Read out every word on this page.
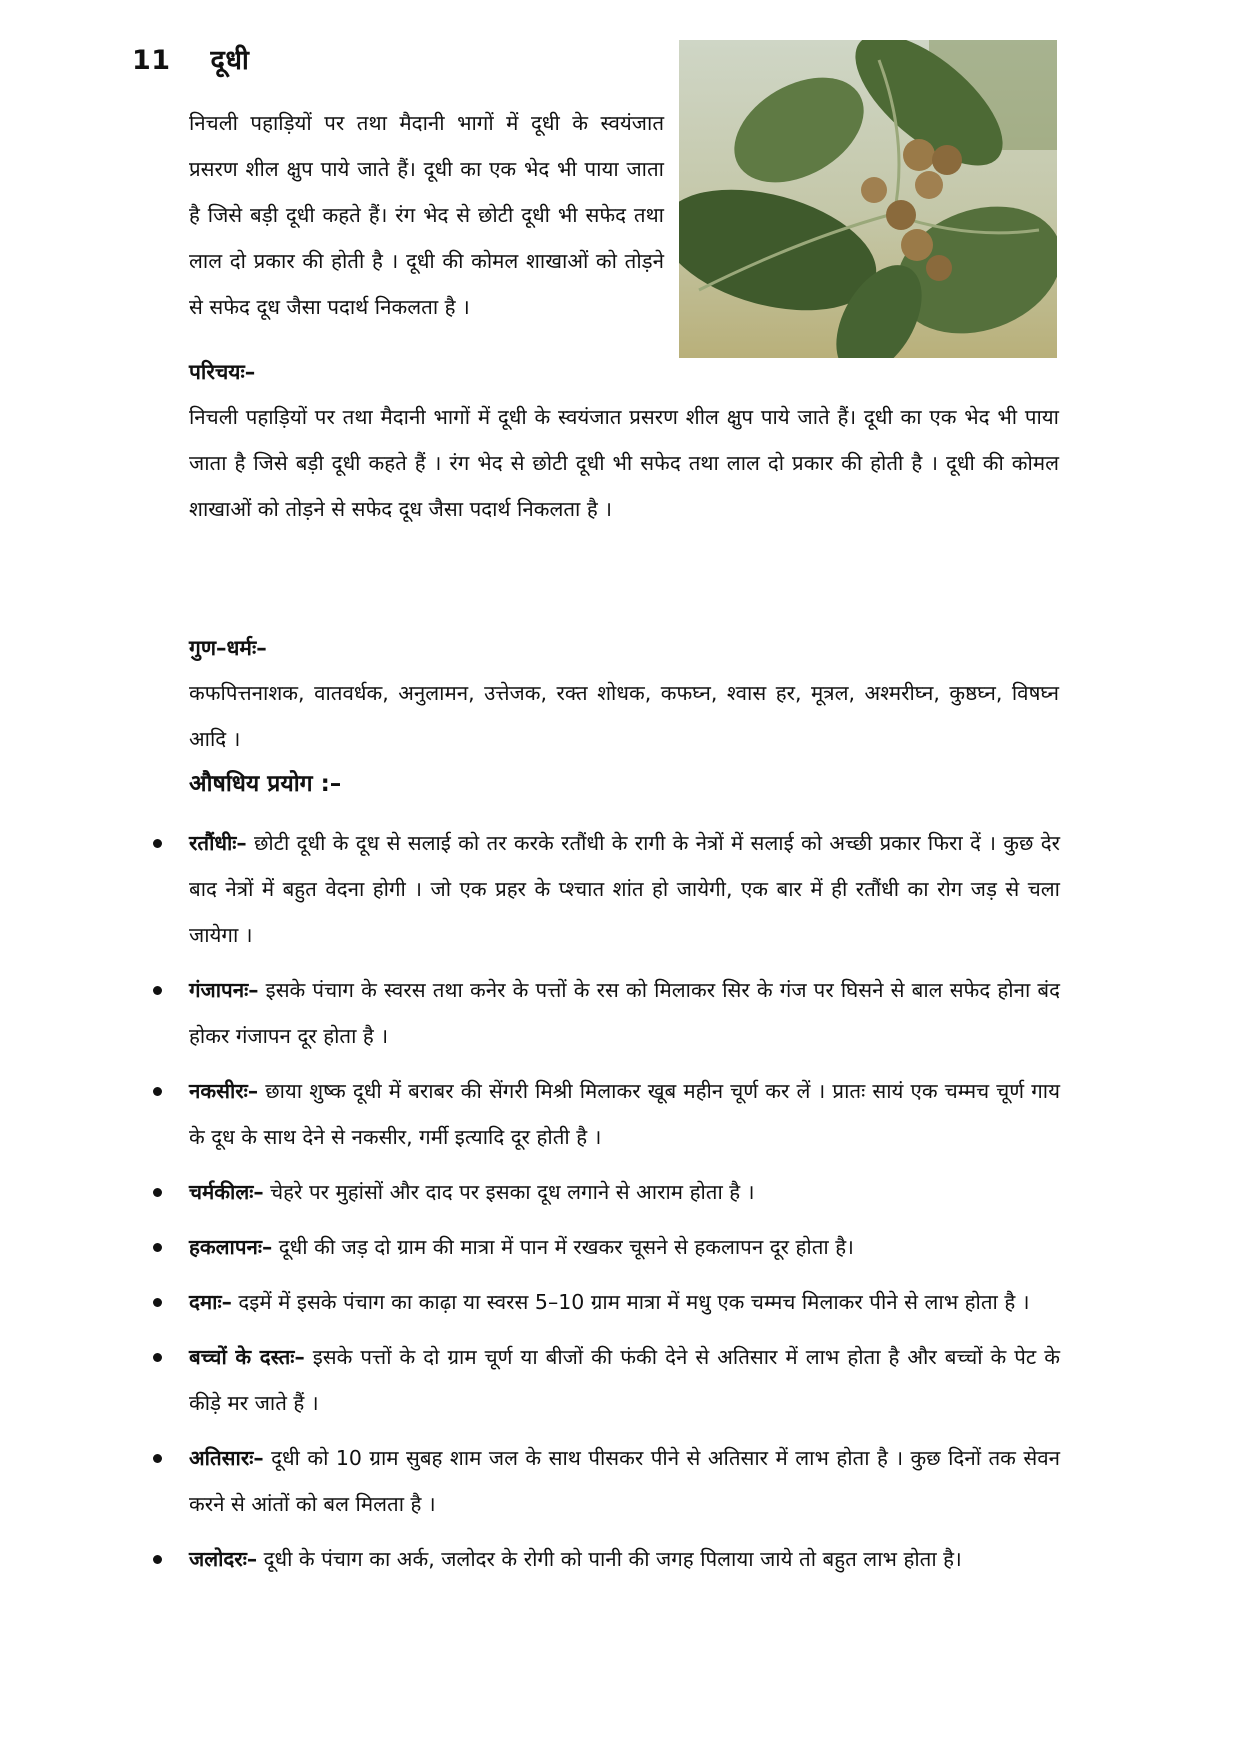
11 दूधी
निचली पहाड़ियों पर तथा मैदानी भागों में दूधी के स्वयंजात प्रसरण शील क्षुप पाये जाते हैं। दूधी का एक भेद भी पाया जाता है जिसे बड़ी दूधी कहते हैं। रंग भेद से छोटी दूधी भी सफेद तथा लाल दो प्रकार की होती है । दूधी की कोमल शाखाओं को तोड़ने से सफेद दूध जैसा पदार्थ निकलता है ।
परिचयः–
निचली पहाड़ियों पर तथा मैदानी भागों में दूधी के स्वयंजात प्रसरण शील क्षुप पाये जाते हैं। दूधी का एक भेद भी पाया जाता है जिसे बड़ी दूधी कहते हैं । रंग भेद से छोटी दूधी भी सफेद तथा लाल दो प्रकार की होती है । दूधी की कोमल शाखाओं को तोड़ने से सफेद दूध जैसा पदार्थ निकलता है ।
गुण–धर्मः–
कफपित्तनाशक, वातवर्धक, अनुलामन, उत्तेजक, रक्त शोधक, कफघ्न, श्वास हर, मूत्रल, अश्मरीघ्न, कुष्ठघ्न, विषघ्न आदि ।
औषधिय प्रयोग :–
रतौंधीः– छोटी दूधी के दूध से सलाई को तर करके रतौंधी के रागी के नेत्रों में सलाई को अच्छी प्रकार फिरा दें । कुछ देर बाद नेत्रों में बहुत वेदना होगी । जो एक प्रहर के प्श्चात शांत हो जायेगी, एक बार में ही रतौंधी का रोग जड़ से चला जायेगा ।
गंजापनः– इसके पंचाग के स्वरस तथा कनेर के पत्तों के रस को मिलाकर सिर के गंज पर घिसने से बाल सफेद होना बंद होकर गंजापन दूर होता है ।
नकसीरः– छाया शुष्क दूधी में बराबर की सेंगरी मिश्री मिलाकर खूब महीन चूर्ण कर लें । प्रातः सायं एक चम्मच चूर्ण गाय के दूध के साथ देने से नकसीर, गर्मी इत्यादि दूर होती है ।
चर्मकीलः– चेहरे पर मुहांसों और दाद पर इसका दूध लगाने से आराम होता है ।
हकलापनः– दूधी की जड़ दो ग्राम की मात्रा में पान में रखकर चूसने से हकलापन दूर होता है।
दमाः– दइमें में इसके पंचाग का काढ़ा या स्वरस 5–10 ग्राम मात्रा में मधु एक चम्मच मिलाकर पीने से लाभ होता है ।
बच्चों के दस्तः– इसके पत्तों के दो ग्राम चूर्ण या बीजों की फंकी देने से अतिसार में लाभ होता है और बच्चों के पेट के कीड़े मर जाते हैं ।
अतिसारः– दूधी को 10 ग्राम सुबह शाम जल के साथ पीसकर पीने से अतिसार में लाभ होता है । कुछ दिनों तक सेवन करने से आंतों को बल मिलता है ।
जलोदरः– दूधी के पंचाग का अर्क, जलोदर के रोगी को पानी की जगह पिलाया जाये तो बहुत लाभ होता है।
